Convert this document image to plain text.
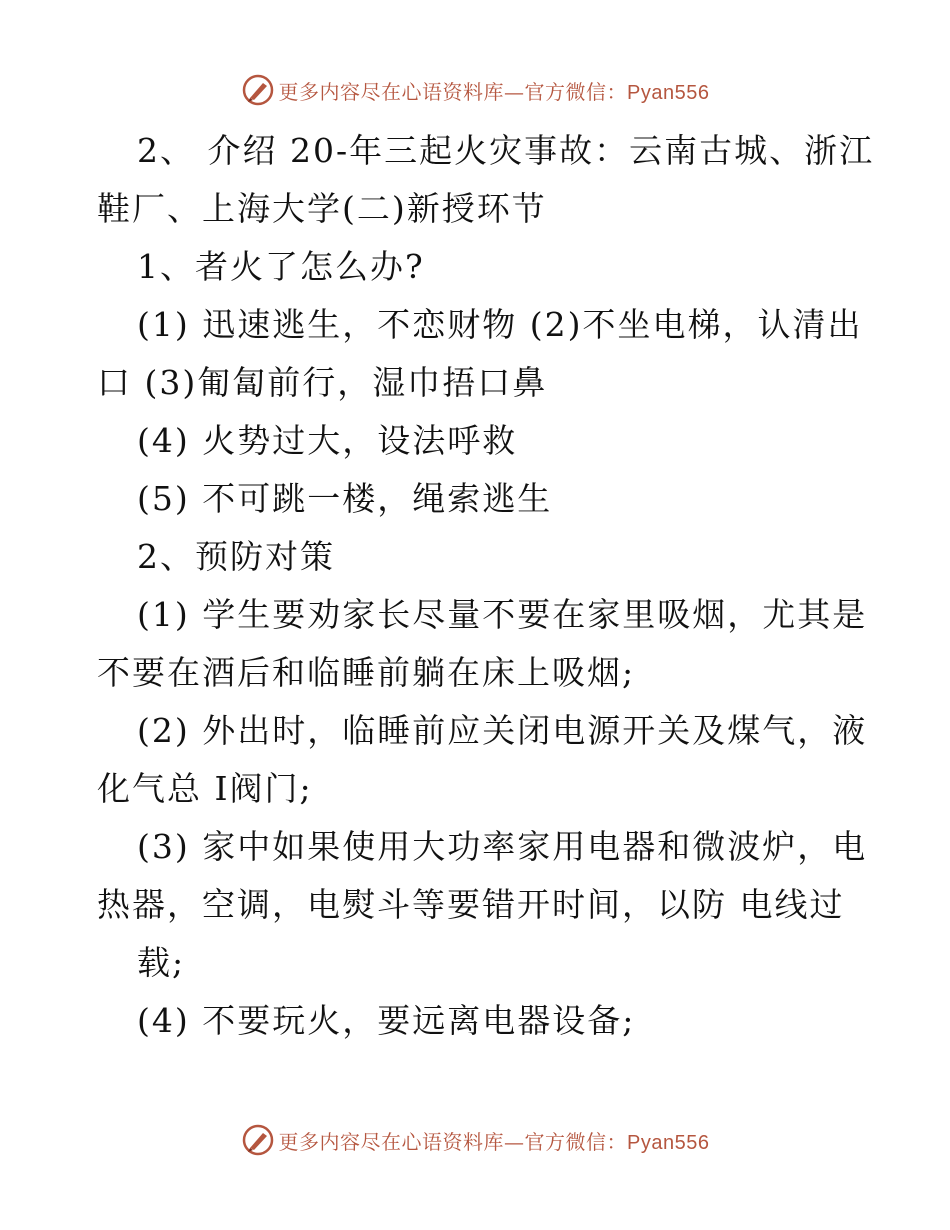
更多内容尽在心语资料库—官方微信：Pyan556
2、 介绍 20-年三起火灾事故：云南古城、浙江
鞋厂、上海大学(二)新授环节
1、者火了怎么办?
(1) 迅速逃生，不恋财物 (2)不坐电梯，认清出
口 (3)匍匐前行，湿巾捂口鼻
(4) 火势过大，设法呼救
(5) 不可跳一楼，绳索逃生
2、预防对策
(1) 学生要劝家长尽量不要在家里吸烟，尤其是
不要在酒后和临睡前躺在床上吸烟;
(2) 外出时，临睡前应关闭电源开关及煤气，液
化气总 I阀门;
(3) 家中如果使用大功率家用电器和微波炉，电
热器，空调，电熨斗等要错开时间，以防 电线过
载;
(4) 不要玩火，要远离电器设备;
更多内容尽在心语资料库—官方微信：Pyan556
